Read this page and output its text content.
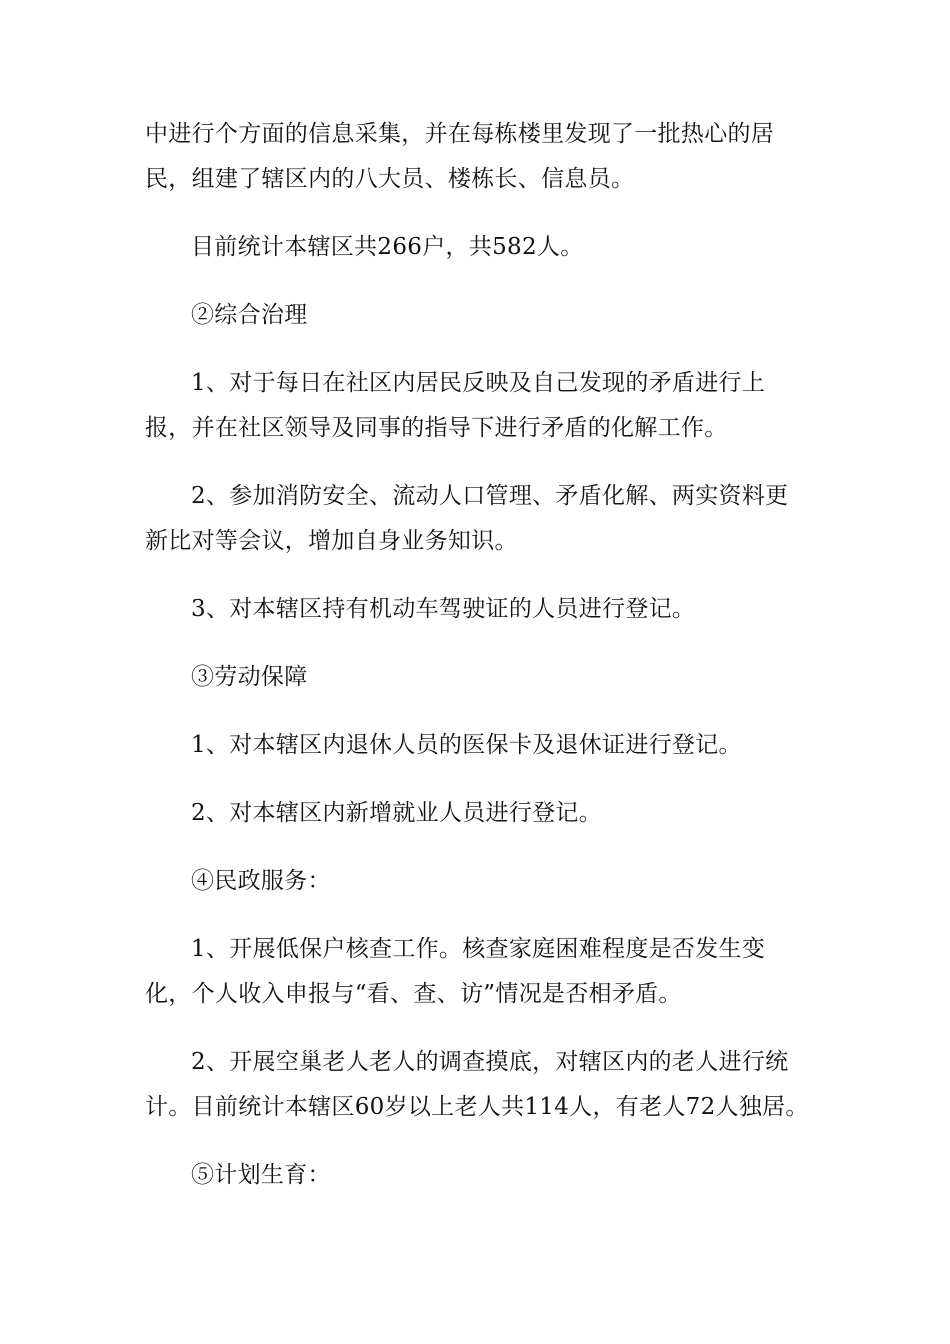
中进行个方面的信息采集，并在每栋楼里发现了一批热心的居民，组建了辖区内的八大员、楼栋长、信息员。

目前统计本辖区共266户，共582人。

②综合治理

1、对于每日在社区内居民反映及自己发现的矛盾进行上报，并在社区领导及同事的指导下进行矛盾的化解工作。

2、参加消防安全、流动人口管理、矛盾化解、两实资料更新比对等会议，增加自身业务知识。

3、对本辖区持有机动车驾驶证的人员进行登记。

③劳动保障

1、对本辖区内退休人员的医保卡及退休证进行登记。

2、对本辖区内新增就业人员进行登记。

④民政服务：

1、开展低保户核查工作。核查家庭困难程度是否发生变化，个人收入申报与“看、查、访”情况是否相矛盾。

2、开展空巢老人老人的调查摸底，对辖区内的老人进行统计。目前统计本辖区60岁以上老人共114人，有老人72人独居。

⑤计划生育：
